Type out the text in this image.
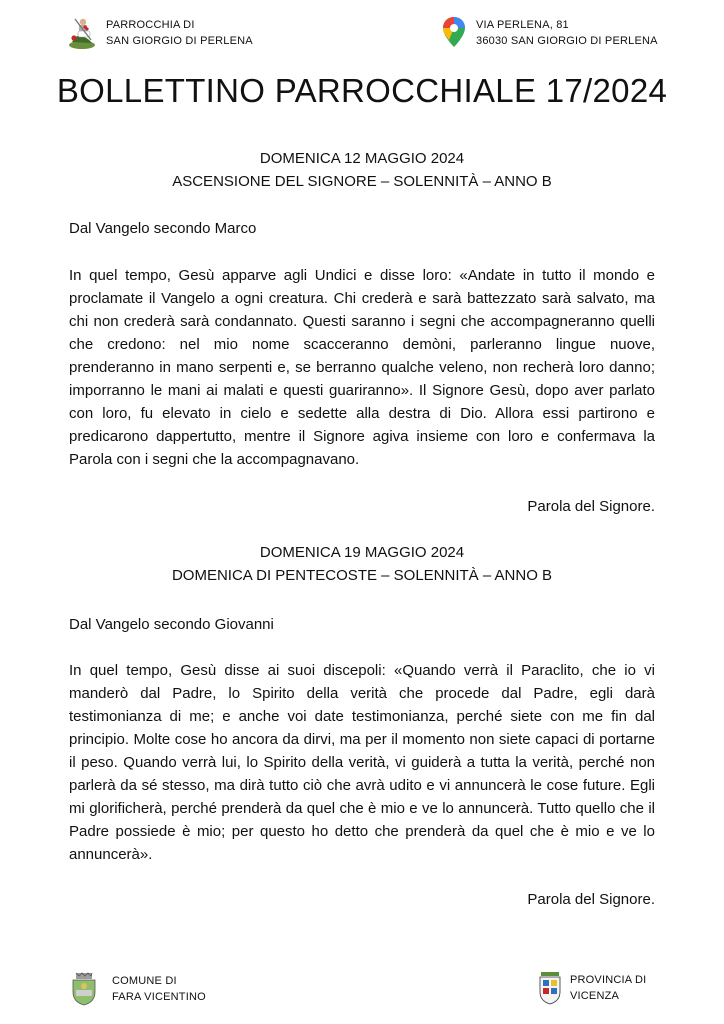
PARROCCHIA DI
SAN GIORGIO DI PERLENA
VIA PERLENA, 81
36030 SAN GIORGIO DI PERLENA
BOLLETTINO PARROCCHIALE 17/2024
DOMENICA 12 MAGGIO 2024
ASCENSIONE DEL SIGNORE – SOLENNITÀ – ANNO B
Dal Vangelo secondo Marco

In quel tempo, Gesù apparve agli Undici e disse loro: «Andate in tutto il mondo e proclamate il Vangelo a ogni creatura. Chi crederà e sarà battezzato sarà salvato, ma chi non crederà sarà condannato. Questi saranno i segni che accompagneranno quelli che credono: nel mio nome scacceranno demòni, parleranno lingue nuove, prenderanno in mano serpenti e, se berranno qualche veleno, non recherà loro danno; imporranno le mani ai malati e questi guariranno». Il Signore Gesù, dopo aver parlato con loro, fu elevato in cielo e sedette alla destra di Dio. Allora essi partirono e predicarono dappertutto, mentre il Signore agiva insieme con loro e confermava la Parola con i segni che la accompagnavano.

Parola del Signore.
DOMENICA 19 MAGGIO 2024
DOMENICA DI PENTECOSTE – SOLENNITÀ – ANNO B
Dal Vangelo secondo Giovanni

In quel tempo, Gesù disse ai suoi discepoli: «Quando verrà il Paraclito, che io vi manderò dal Padre, lo Spirito della verità che procede dal Padre, egli darà testimonianza di me; e anche voi date testimonianza, perché siete con me fin dal principio. Molte cose ho ancora da dirvi, ma per il momento non siete capaci di portarne il peso. Quando verrà lui, lo Spirito della verità, vi guiderà a tutta la verità, perché non parlerà da sé stesso, ma dirà tutto ciò che avrà udito e vi annuncerà le cose future. Egli mi glorificherà, perché prenderà da quel che è mio e ve lo annuncerà. Tutto quello che il Padre possiede è mio; per questo ho detto che prenderà da quel che è mio e ve lo annuncerà».

Parola del Signore.
COMUNE DI
FARA VICENTINO
PROVINCIA DI
VICENZA
